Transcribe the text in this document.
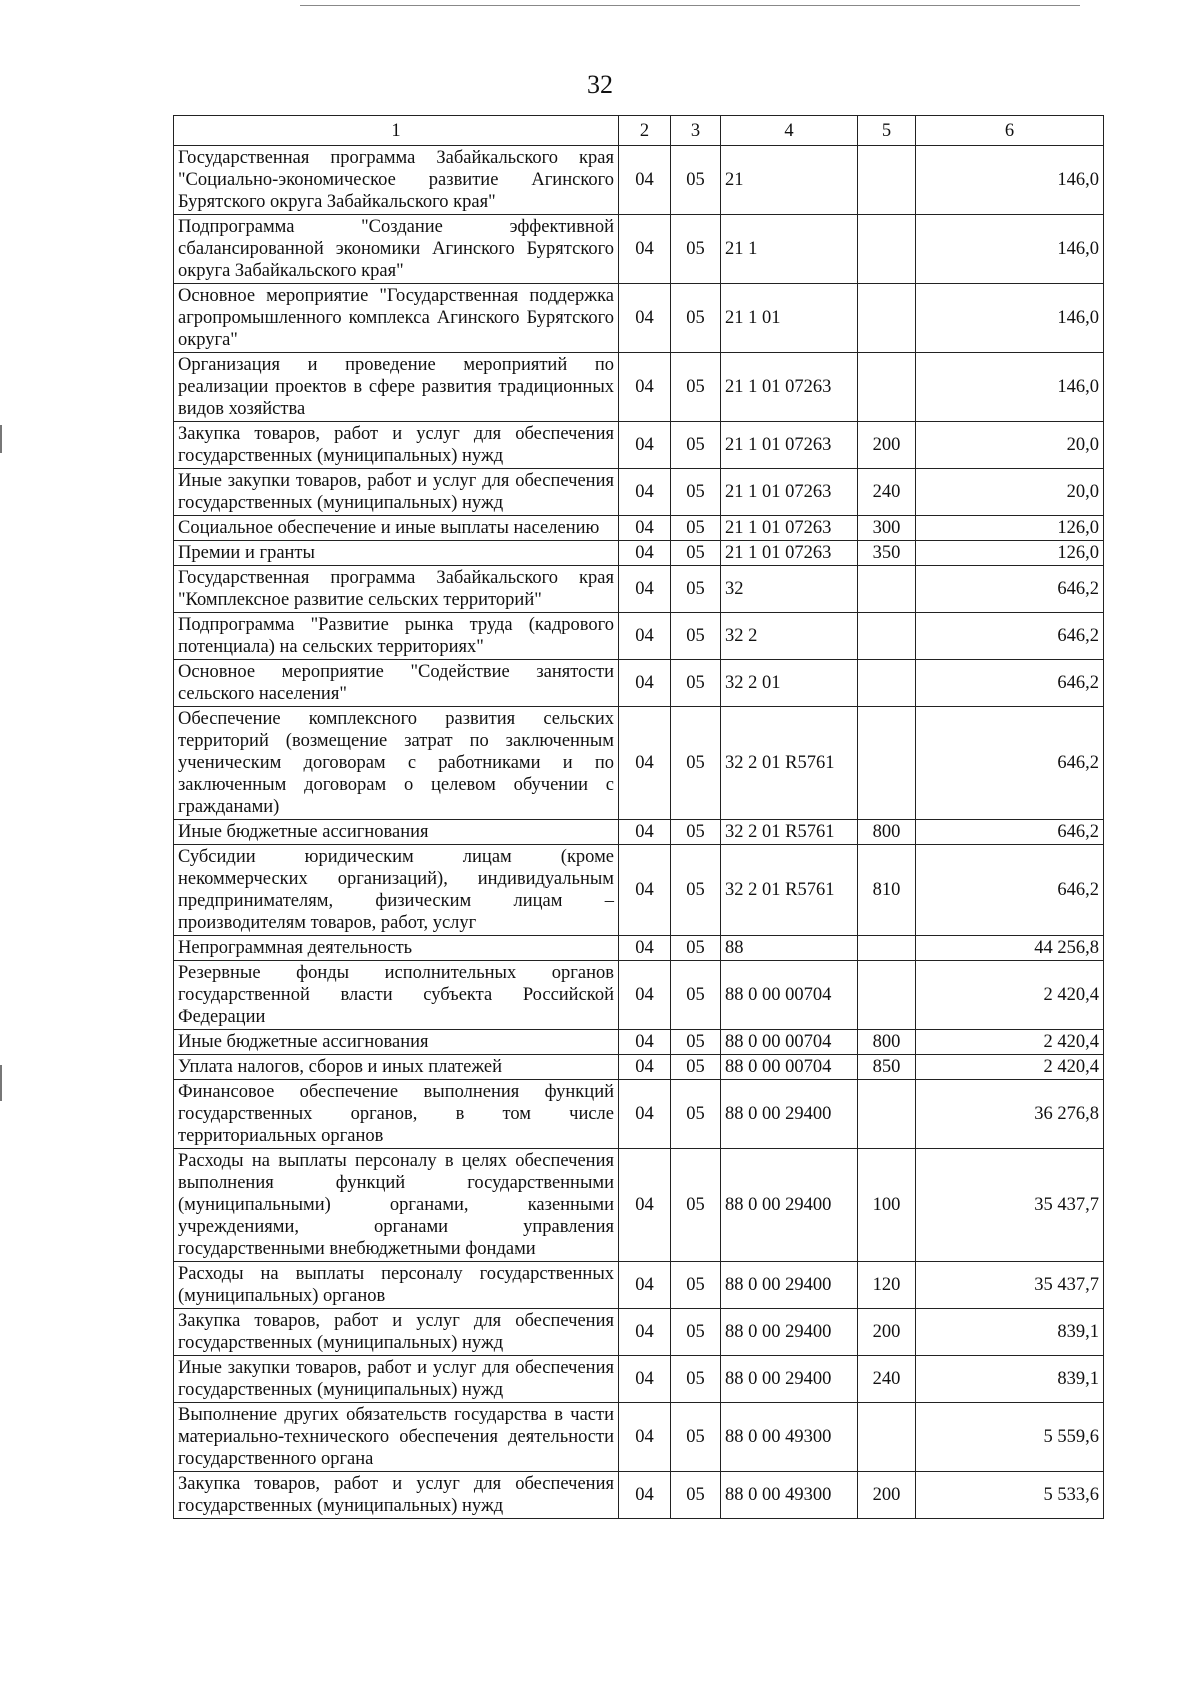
32
1	2	3	4	5	6
Государственная программа Забайкальского края "Социально-экономическое развитие Агинского Бурятского округа Забайкальского края"	04	05	21		146,0
Подпрограмма "Создание эффективной сбалансированной экономики Агинского Бурятского округа Забайкальского края"	04	05	21 1		146,0
Основное мероприятие "Государственная поддержка агропромышленного комплекса Агинского Бурятского округа"	04	05	21 1 01		146,0
Организация и проведение мероприятий по реализации проектов в сфере развития традиционных видов хозяйства	04	05	21 1 01 07263		146,0
Закупка товаров, работ и услуг для обеспечения государственных (муниципальных) нужд	04	05	21 1 01 07263	200	20,0
Иные закупки товаров, работ и услуг для обеспечения государственных (муниципальных) нужд	04	05	21 1 01 07263	240	20,0
Социальное обеспечение и иные выплаты населению	04	05	21 1 01 07263	300	126,0
Премии и гранты	04	05	21 1 01 07263	350	126,0
Государственная программа Забайкальского края "Комплексное развитие сельских территорий"	04	05	32		646,2
Подпрограмма "Развитие рынка труда (кадрового потенциала) на сельских территориях"	04	05	32 2		646,2
Основное мероприятие "Содействие занятости сельского населения"	04	05	32 2 01		646,2
Обеспечение комплексного развития сельских территорий (возмещение затрат по заключенным ученическим договорам с работниками и по заключенным договорам о целевом обучении с гражданами)	04	05	32 2 01 R5761		646,2
Иные бюджетные ассигнования	04	05	32 2 01 R5761	800	646,2
Субсидии юридическим лицам (кроме некоммерческих организаций), индивидуальным предпринимателям, физическим лицам – производителям товаров, работ, услуг	04	05	32 2 01 R5761	810	646,2
Непрограммная деятельность	04	05	88		44 256,8
Резервные фонды исполнительных органов государственной власти субъекта Российской Федерации	04	05	88 0 00 00704		2 420,4
Иные бюджетные ассигнования	04	05	88 0 00 00704	800	2 420,4
Уплата налогов, сборов и иных платежей	04	05	88 0 00 00704	850	2 420,4
Финансовое обеспечение выполнения функций государственных органов, в том числе территориальных органов	04	05	88 0 00 29400		36 276,8
Расходы на выплаты персоналу в целях обеспечения выполнения функций государственными (муниципальными) органами, казенными учреждениями, органами управления государственными внебюджетными фондами	04	05	88 0 00 29400	100	35 437,7
Расходы на выплаты персоналу государственных (муниципальных) органов	04	05	88 0 00 29400	120	35 437,7
Закупка товаров, работ и услуг для обеспечения государственных (муниципальных) нужд	04	05	88 0 00 29400	200	839,1
Иные закупки товаров, работ и услуг для обеспечения государственных (муниципальных) нужд	04	05	88 0 00 29400	240	839,1
Выполнение других обязательств государства в части материально-технического обеспечения деятельности государственного органа	04	05	88 0 00 49300		5 559,6
Закупка товаров, работ и услуг для обеспечения государственных (муниципальных) нужд	04	05	88 0 00 49300	200	5 533,6
